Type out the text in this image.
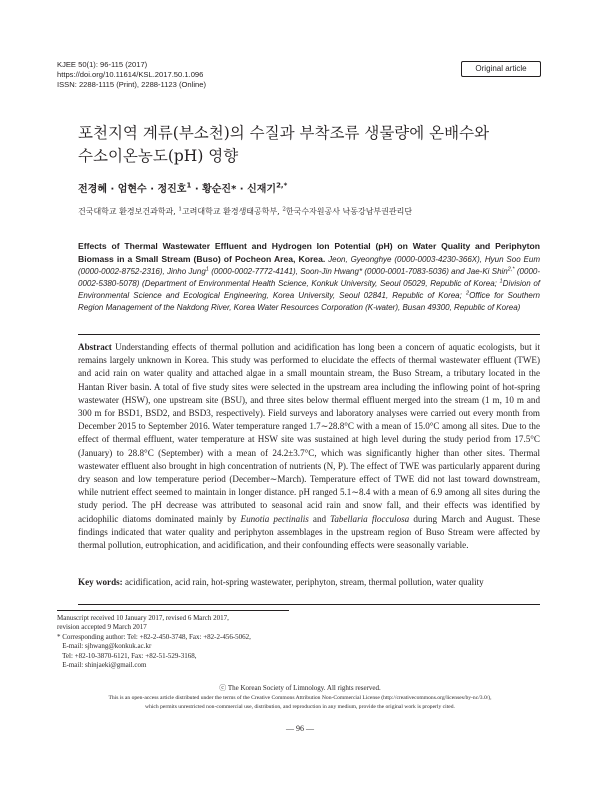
KJEE 50(1): 96-115 (2017)
https://doi.org/10.11614/KSL.2017.50.1.096
ISSN: 2288-1115 (Print), 2288-1123 (Online)
Original article
포천지역 계류(부소천)의 수질과 부착조류 생물량에 온배수와
수소이온농도(pH) 영향
전경혜 · 엄현수 · 정진호$^1$ · 황순진* · 신재기$^{2,*}$
건국대학교 환경보건과학과, $^1$고려대학교 환경생태공학부, $^2$한국수자원공사 낙동강남부권관리단
Effects of Thermal Wastewater Effluent and Hydrogen Ion Potential (pH) on Water Quality and Periphyton Biomass in a Small Stream (Buso) of Pocheon Area, Korea. Jeon, Gyeonghye (0000-0003-4230-366X), Hyun Soo Eum (0000-0002-8752-2316), Jinho Jung$^1$ (0000-0002-7772-4141), Soon-Jin Hwang* (0000-0001-7083-5036) and Jae-Ki Shin$^{2,*}$ (0000-0002-5380-5078) (Department of Environmental Health Science, Konkuk University, Seoul 05029, Republic of Korea; $^1$Division of Environmental Science and Ecological Engineering, Korea University, Seoul 02841, Republic of Korea; $^2$Office for Southern Region Management of the Nakdong River, Korea Water Resources Corporation (K-water), Busan 49300, Republic of Korea)
Abstract Understanding effects of thermal pollution and acidification has long been a concern of aquatic ecologists, but it remains largely unknown in Korea. This study was performed to elucidate the effects of thermal wastewater effluent (TWE) and acid rain on water quality and attached algae in a small mountain stream, the Buso Stream, a tributary located in the Hantan River basin. A total of five study sites were selected in the upstream area including the inflowing point of hot-spring wastewater (HSW), one upstream site (BSU), and three sites below thermal effluent merged into the stream (1 m, 10 m and 300 m for BSD1, BSD2, and BSD3, respectively). Field surveys and laboratory analyses were carried out every month from December 2015 to September 2016. Water temperature ranged 1.7∼28.8°C with a mean of 15.0°C among all sites. Due to the effect of thermal effluent, water temperature at HSW site was sustained at high level during the study period from 17.5°C (January) to 28.8°C (September) with a mean of 24.2±3.7°C, which was significantly higher than other sites. Thermal wastewater effluent also brought in high concentration of nutrients (N, P). The effect of TWE was particularly apparent during dry season and low temperature period (December∼March). Temperature effect of TWE did not last toward downstream, while nutrient effect seemed to maintain in longer distance. pH ranged 5.1∼8.4 with a mean of 6.9 among all sites during the study period. The pH decrease was attributed to seasonal acid rain and snow fall, and their effects was identified by acidophilic diatoms dominated mainly by Eunotia pectinalis and Tabellaria flocculosa during March and August. These findings indicated that water quality and periphyton assemblages in the upstream region of Buso Stream were affected by thermal pollution, eutrophication, and acidification, and their confounding effects were seasonally variable.
Key words: acidification, acid rain, hot-spring wastewater, periphyton, stream, thermal pollution, water quality
Manuscript received 10 January 2017, revised 6 March 2017,
revision accepted 9 March 2017
* Corresponding author: Tel: +82-2-450-3748, Fax: +82-2-456-5062,
E-mail: sjhwang@konkuk.ac.kr
Tel: +82-10-3870-6121, Fax: +82-51-529-3168,
E-mail: shinjaeki@gmail.com
ⓒ The Korean Society of Limnology. All rights reserved.
This is an open-access article distributed under the terms of the Creative Commons Attribution Non-Commercial License (http://creativecommons.org/licenses/by-nc/3.0/),
which permits unrestricted non-commercial use, distribution, and reproduction in any medium, provide the original work is properly cited.
— 96 —
